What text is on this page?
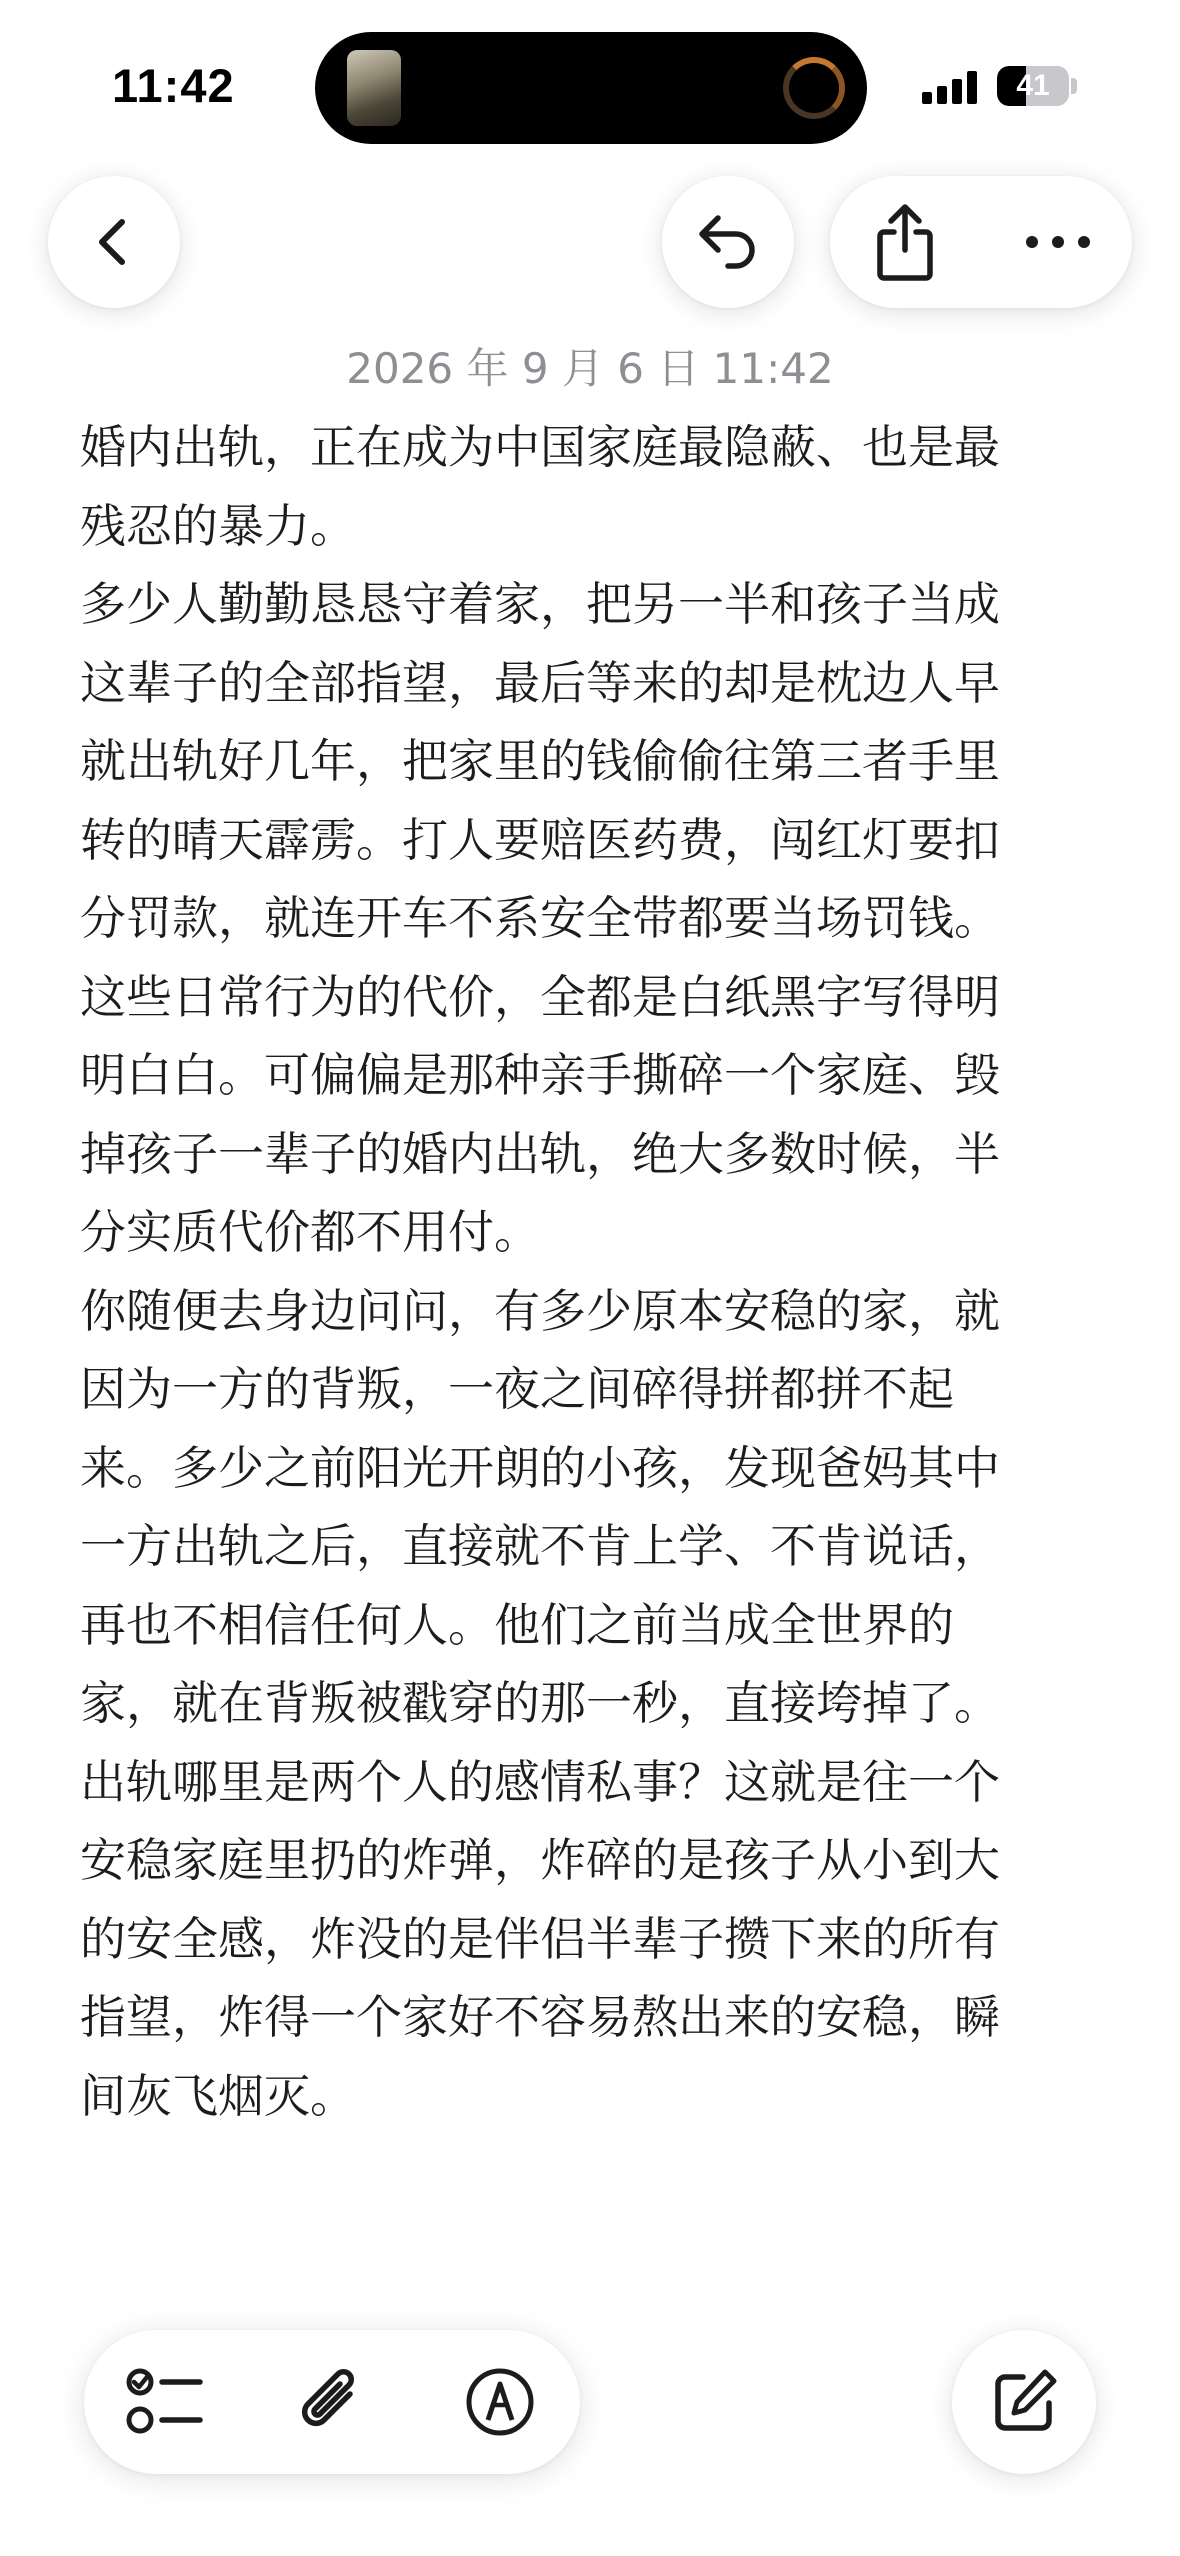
11:42	41
2026 年 9 月 6 日 11:42
婚内出轨，正在成为中国家庭最隐蔽、也是最
残忍的暴力。
多少人勤勤恳恳守着家，把另一半和孩子当成
这辈子的全部指望，最后等来的却是枕边人早
就出轨好几年，把家里的钱偷偷往第三者手里
转的晴天霹雳。打人要赔医药费，闯红灯要扣
分罚款，就连开车不系安全带都要当场罚钱。
这些日常行为的代价，全都是白纸黑字写得明
明白白。可偏偏是那种亲手撕碎一个家庭、毁
掉孩子一辈子的婚内出轨，绝大多数时候，半
分实质代价都不用付。
你随便去身边问问，有多少原本安稳的家，就
因为一方的背叛，一夜之间碎得拼都拼不起
来。多少之前阳光开朗的小孩，发现爸妈其中
一方出轨之后，直接就不肯上学、不肯说话，
再也不相信任何人。他们之前当成全世界的
家，就在背叛被戳穿的那一秒，直接垮掉了。
出轨哪里是两个人的感情私事？这就是往一个
安稳家庭里扔的炸弹，炸碎的是孩子从小到大
的安全感，炸没的是伴侣半辈子攒下来的所有
指望，炸得一个家好不容易熬出来的安稳，瞬
间灰飞烟灭。
